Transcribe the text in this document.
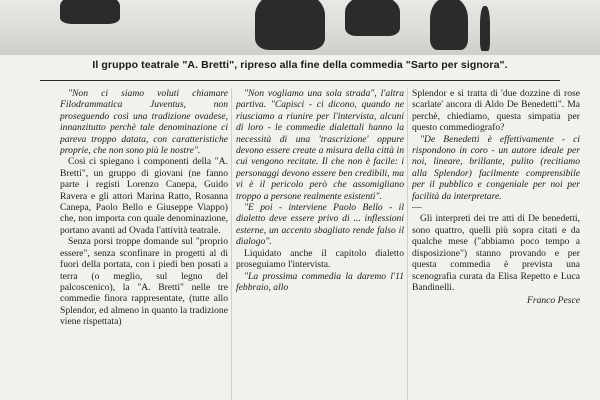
Il gruppo teatrale "A. Bretti", ripreso alla fine della commedia "Sarto per signora".

"Non ci siamo voluti chiamare Filodrammatica Juventus, non proseguendo così una tradizione ovadese, innanzitutto perchè tale denominazione ci pareva troppo datata, con caratteristiche proprie, che non sono più le nostre".

Così ci spiegano i componenti della "A. Bretti", un gruppo di giovani (ne fanno parte i registi Lorenzo Canepa, Guido Ravera e gli attori Marina Ratto, Rosanna Canepa, Paolo Bello e Giuseppe Viappo) che, non importa con quale denominazione, portano avanti ad Ovada l'attività teatrale.

Senza porsi troppe domande sul "proprio essere", senza sconfinare in progetti al di fuori della portata, con i piedi ben posati a terra (o meglio, sul legno del palcoscenico), la "A. Bretti" nelle tre commedie finora rappresentate, (tutte allo Splendor, ed almeno in quanto la tradizione viene rispettata)

"Non vogliamo una sola strada", l'altra partiva. "Capisci - ci dicono, quando ne riusciamo a riunire per l'intervista, alcuni di loro - le commedie dialettali hanno la necessità di una 'trascrizione' oppure devono essere create a misura della città in cui vengono recitate. Il che non è facile: i personaggi devono essere ben credibili, ma vi è il pericolo però che assomigliano troppo a persone realmente esistenti".

"E poi - interviene Paolo Bello - il dialetto deve essere privo di ... inflessioni esterne, un accento sbagliato rende falso il dialogo".

Liquidato anche il capitolo dialetto proseguiamo l'intervista.

"La prossima commedia la daremo l'11 febbraio, allo

Splendor e si tratta di 'due dozzine di rose scarlate' ancora di Aldo De Benedetti". Ma perchè, chiediamo, questa simpatia per questo commediografo?

"De Benedetti è effettivamente - ci rispondono in coro - un autore ideale per noi, lineare, brillante, pulito (recitiamo alla Splendor) facilmente comprensibile per il pubblico e congeniale per noi per facilità da interpretare.

—

Gli interpreti dei tre atti di De benedetti, sono quattro, quelli più sopra citati e da qualche mese ("abbiamo poco tempo a disposizione") stanno provando e per questa commedia è prevista una scenografia curata da Elisa Repetto e Luca Bandinelli.

Franco Pesce
